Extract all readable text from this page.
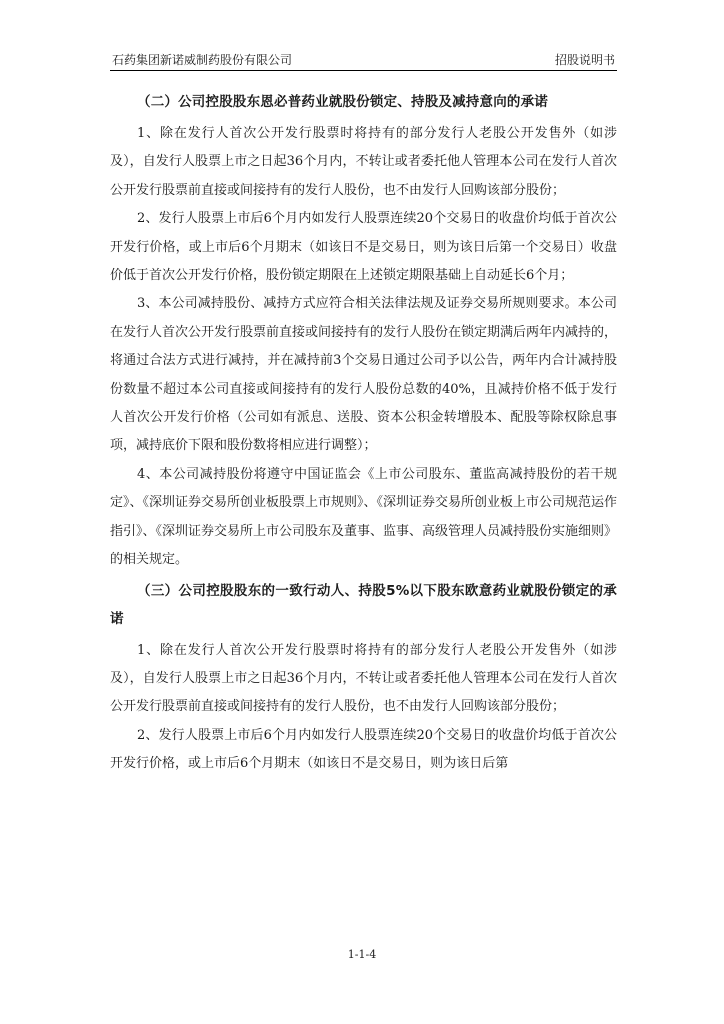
石药集团新诺威制药股份有限公司	招股说明书

（二）公司控股股东恩必普药业就股份锁定、持股及减持意向的承诺

1、除在发行人首次公开发行股票时将持有的部分发行人老股公开发售外（如涉及），自发行人股票上市之日起36个月内，不转让或者委托他人管理本公司在发行人首次公开发行股票前直接或间接持有的发行人股份，也不由发行人回购该部分股份；

2、发行人股票上市后6个月内如发行人股票连续20个交易日的收盘价均低于首次公开发行价格，或上市后6个月期末（如该日不是交易日，则为该日后第一个交易日）收盘价低于首次公开发行价格，股份锁定期限在上述锁定期限基础上自动延长6个月；

3、本公司减持股份、减持方式应符合相关法律法规及证券交易所规则要求。本公司在发行人首次公开发行股票前直接或间接持有的发行人股份在锁定期满后两年内减持的，将通过合法方式进行减持，并在减持前3个交易日通过公司予以公告，两年内合计减持股份数量不超过本公司直接或间接持有的发行人股份总数的40%，且减持价格不低于发行人首次公开发行价格（公司如有派息、送股、资本公积金转增股本、配股等除权除息事项，减持底价下限和股份数将相应进行调整）；

4、本公司减持股份将遵守中国证监会《上市公司股东、董监高减持股份的若干规定》、《深圳证券交易所创业板股票上市规则》、《深圳证券交易所创业板上市公司规范运作指引》、《深圳证券交易所上市公司股东及董事、监事、高级管理人员减持股份实施细则》的相关规定。

（三）公司控股股东的一致行动人、持股5%以下股东欧意药业就股份锁定的承诺

1、除在发行人首次公开发行股票时将持有的部分发行人老股公开发售外（如涉及），自发行人股票上市之日起36个月内，不转让或者委托他人管理本公司在发行人首次公开发行股票前直接或间接持有的发行人股份，也不由发行人回购该部分股份；

2、发行人股票上市后6个月内如发行人股票连续20个交易日的收盘价均低于首次公开发行价格，或上市后6个月期末（如该日不是交易日，则为该日后第

1-1-4
